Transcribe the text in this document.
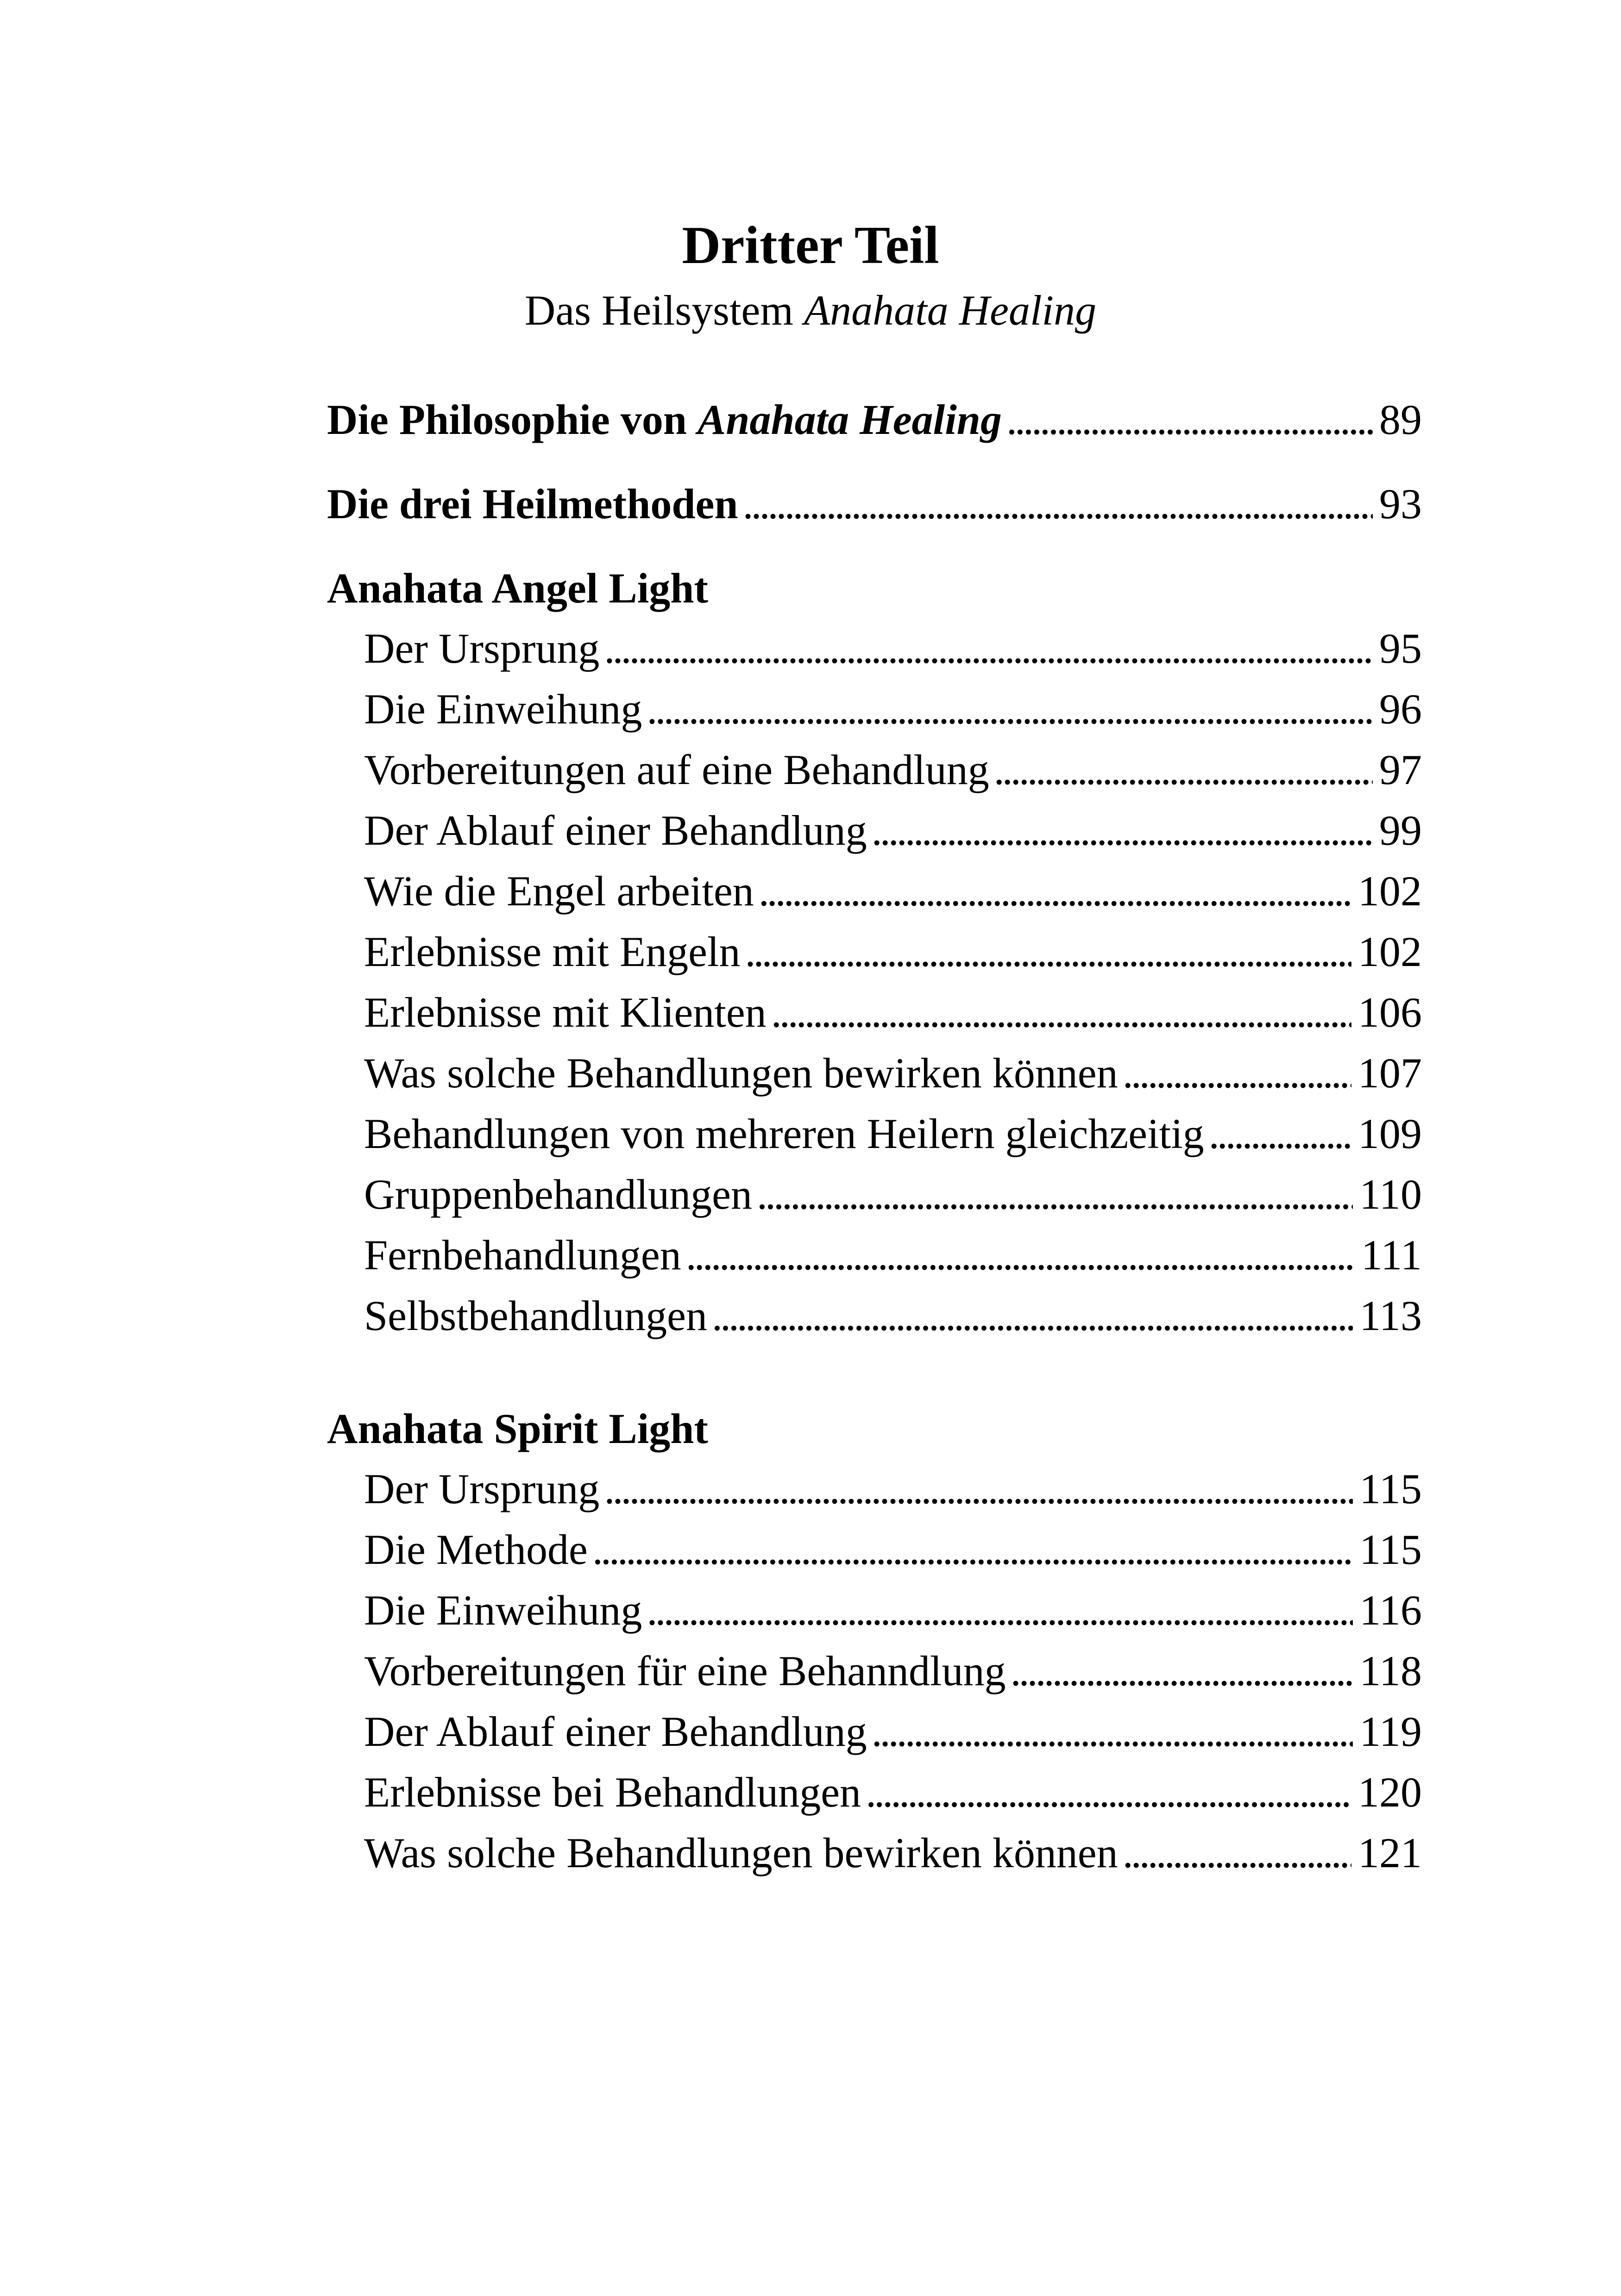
Dritter Teil
Das Heilsystem Anahata Healing
Die Philosophie von Anahata Healing . . .	89
Die drei Heilmethoden . . .	93
Anahata Angel Light
Der Ursprung . . .	95
Die Einweihung . . .	96
Vorbereitungen auf eine Behandlung . . .	97
Der Ablauf einer Behandlung . . .	99
Wie die Engel arbeiten . . .	102
Erlebnisse mit Engeln . . .	102
Erlebnisse mit Klienten . . .	106
Was solche Behandlungen bewirken können . . .	107
Behandlungen von mehreren Heilern gleichzeitig . . .	109
Gruppenbehandlungen . . .	110
Fernbehandlungen . . .	111
Selbstbehandlungen . . .	113
Anahata Spirit Light
Der Ursprung . . .	115
Die Methode . . .	115
Die Einweihung . . .	116
Vorbereitungen für eine Behanndlung . . .	118
Der Ablauf einer Behandlung . . .	119
Erlebnisse bei Behandlungen . . .	120
Was solche Behandlungen bewirken können . . .	121
